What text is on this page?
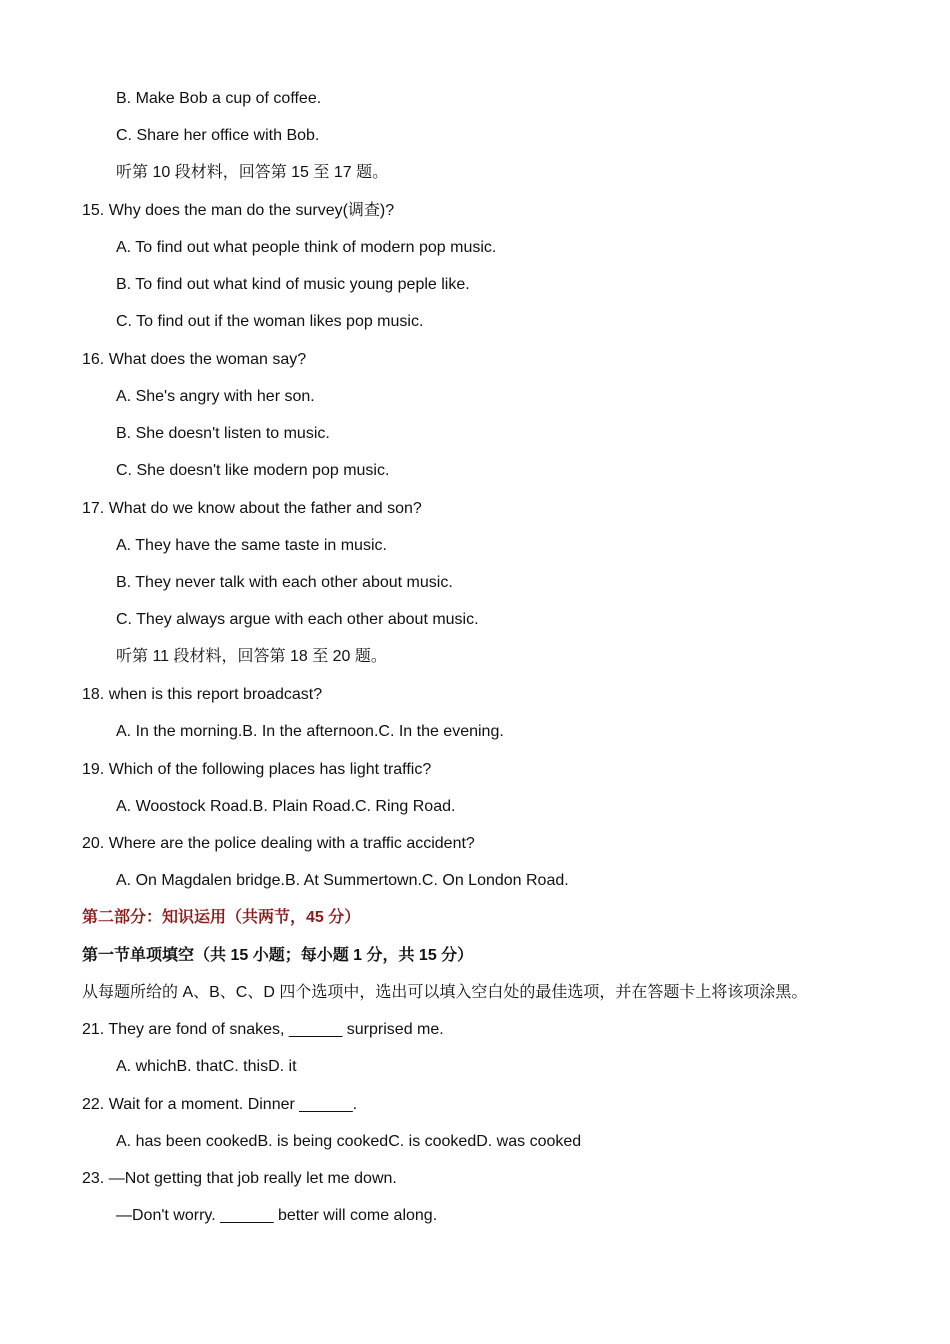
B. Make Bob a cup of coffee.
C. Share her office with Bob.
听第 10 段材料，回答第 15 至 17 题。
15. Why does the man do the survey(调查)?
A. To find out what people think of modern pop music.
B. To find out what kind of music young peple like.
C. To find out if the woman likes pop music.
16. What does the woman say?
A. She's angry with her son.
B. She doesn't listen to music.
C. She doesn't like modern pop music.
17. What do we know about the father and son?
A. They have the same taste in music.
B. They never talk with each other about music.
C. They always argue with each other about music.
听第 11 段材料，回答第 18 至 20 题。
18. when is this report broadcast?
A. In the morning.B. In the afternoon.C. In the evening.
19. Which of the following places has light traffic?
A. Woostock Road.B. Plain Road.C. Ring Road.
20. Where are the police dealing with a traffic accident?
A. On Magdalen bridge.B. At Summertown.C. On London Road.
第二部分：知识运用（共两节，45 分）
第一节单项填空（共 15 小题；每小题 1 分，共 15 分）
从每题所给的 A、B、C、D 四个选项中，选出可以填入空白处的最佳选项，并在答题卡上将该项涂黑。
21. They are fond of snakes, ______ surprised me.
A. whichB. thatC. thisD. it
22. Wait for a moment. Dinner ______.
A. has been cookedB. is being cookedC. is cookedD. was cooked
23. —Not getting that job really let me down.
—Don't worry. ______ better will come along.
